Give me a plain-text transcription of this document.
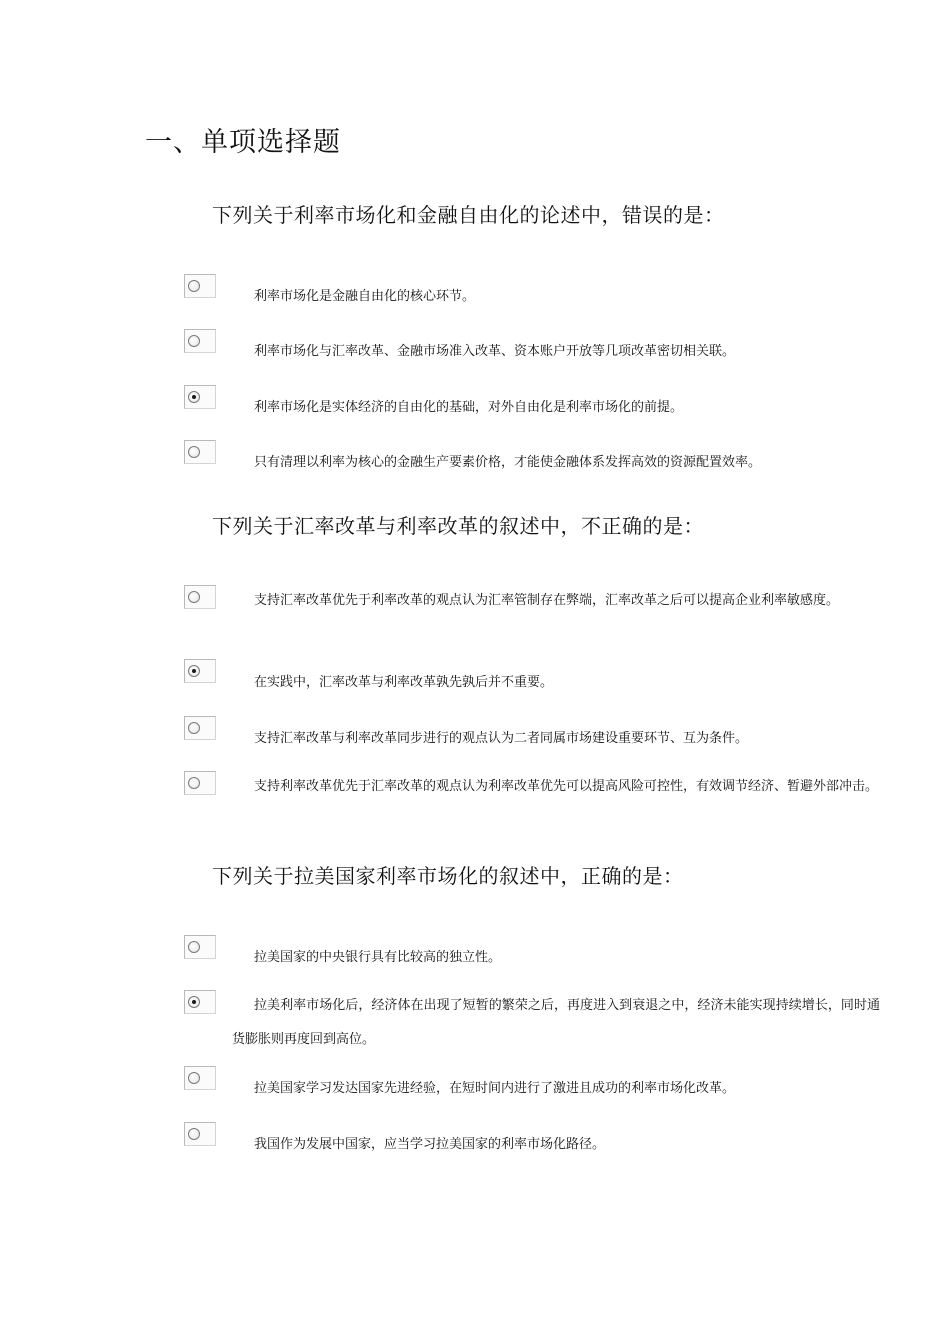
一、单项选择题
下列关于利率市场化和金融自由化的论述中，错误的是：
利率市场化是金融自由化的核心环节。
利率市场化与汇率改革、金融市场准入改革、资本账户开放等几项改革密切相关联。
利率市场化是实体经济的自由化的基础，对外自由化是利率市场化的前提。
只有清理以利率为核心的金融生产要素价格，才能使金融体系发挥高效的资源配置效率。
下列关于汇率改革与利率改革的叙述中，不正确的是：
支持汇率改革优先于利率改革的观点认为汇率管制存在弊端，汇率改革之后可以提高企业利率敏感度。
在实践中，汇率改革与利率改革孰先孰后并不重要。
支持汇率改革与利率改革同步进行的观点认为二者同属市场建设重要环节、互为条件。
支持利率改革优先于汇率改革的观点认为利率改革优先可以提高风险可控性，有效调节经济、暂避外部冲击。
下列关于拉美国家利率市场化的叙述中，正确的是：
拉美国家的中央银行具有比较高的独立性。
拉美利率市场化后，经济体在出现了短暂的繁荣之后，再度进入到衰退之中，经济未能实现持续增长，同时通货膨胀则再度回到高位。
拉美国家学习发达国家先进经验，在短时间内进行了激进且成功的利率市场化改革。
我国作为发展中国家，应当学习拉美国家的利率市场化路径。
